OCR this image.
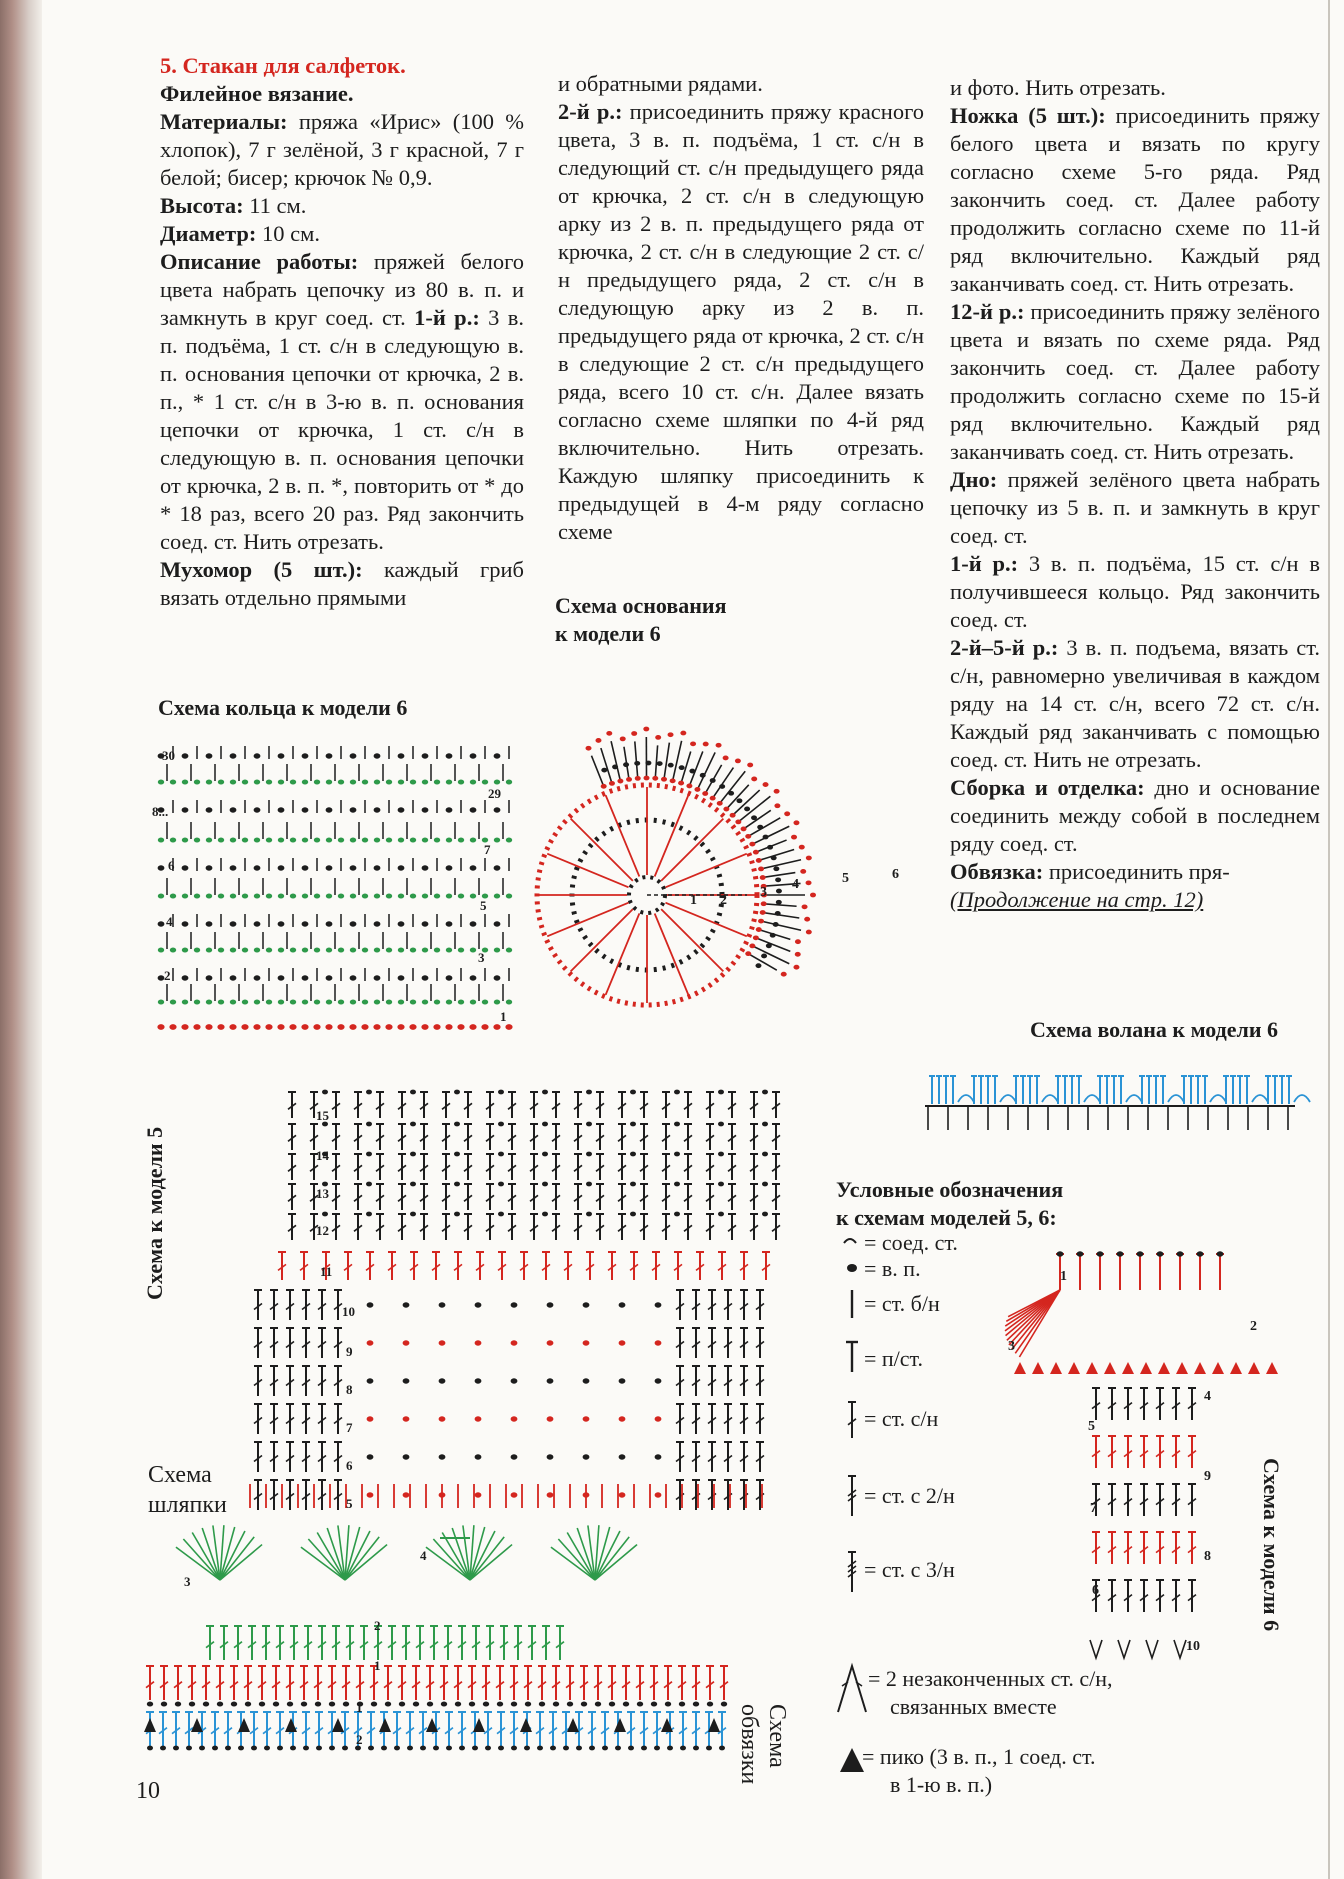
5. Стакан для салфеток.

Филейное вязание.

Материалы: пряжа «Ирис» (100 % хлопок), 7 г зелёной, 3 г красной, 7 г белой; бисер; крючок № 0,9.

Высота: 11 см.

Диаметр: 10 см.

Описание работы: пряжей белого цвета набрать цепочку из 80 в. п. и замкнуть в круг соед. ст. 1-й р.: 3 в. п. подъёма, 1 ст. с/н в следующую в. п. основания цепочки от крючка, 2 в. п., * 1 ст. с/н в 3-ю в. п. основания цепочки от крючка, 1 ст. с/н в следующую в. п. основания цепочки от крючка, 2 в. п. *, повторить от * до * 18 раз, всего 20 раз. Ряд закончить соед. ст. Нить отрезать.

Мухомор (5 шт.): каждый гриб вязать отдельно прямыми

и обратными рядами.

2-й р.: присоединить пряжу красного цвета, 3 в. п. подъёма, 1 ст. с/н в следующий ст. с/н предыдущего ряда от крючка, 2 ст. с/н в следующую арку из 2 в. п. предыдущего ряда от крючка, 2 ст. с/н в следующие 2 ст. с/н предыдущего ряда, 2 ст. с/н в следующую арку из 2 в. п. предыдущего ряда от крючка, 2 ст. с/н в следующие 2 ст. с/н предыдущего ряда, всего 10 ст. с/н. Далее вязать согласно схеме шляпки по 4-й ряд включительно. Нить отрезать. Каждую шляпку присоединить к предыдущей в 4-м ряду согласно схеме

и фото. Нить отрезать.

Ножка (5 шт.): присоединить пряжу белого цвета и вязать по кругу согласно схеме 5-го ряда. Ряд закончить соед. ст. Далее работу продолжить согласно схеме по 11-й ряд включительно. Каждый ряд заканчивать соед. ст. Нить отрезать.

12-й р.: присоединить пряжу зелёного цвета и вязать по схеме ряда. Ряд закончить соед. ст. Далее работу продолжить согласно схеме по 15-й ряд включительно. Каждый ряд заканчивать соед. ст. Нить отрезать.

Дно: пряжей зелёного цвета набрать цепочку из 5 в. п. и замкнуть в круг соед. ст.

1-й р.: 3 в. п. подъёма, 15 ст. с/н в получившееся кольцо. Ряд закончить соед. ст.

2-й–5-й р.: 3 в. п. подъема, вязать ст. с/н, равномерно увеличивая в каждом ряду на 14 ст. с/н, всего 72 ст. с/н. Каждый ряд заканчивать с помощью соед. ст. Нить не отрезать.

Сборка и отделка: дно и основание соединить между собой в последнем ряду соед. ст.

Обвязка: присоединить пря-

(Продолжение на стр. 12)

Схема кольца к модели 6
Схема основания
к модели 6
Схема волана к модели 6
Схема к модели 5
Схема
шляпки
Схема
обвязки
Схема к модели 6
Условные обозначения
к схемам моделей 5, 6:
= соед. ст.
= в. п.
= ст. б/н
= п/ст.
= ст. с/н
= ст. с 2/н
= ст. с 3/н
= 2 незаконченных ст. с/н,
связанных вместе
= пико (3 в. п., 1 соед. ст.
в 1-ю в. п.)
10
30
29
8...
7
6
5
4
3
2
1
1 2
3
4	5	6
15
14
13
12
11
10
9
8
7
6
5
4
3
2
1
1
2
1
2
3
4
5
6
7
8
9
10
